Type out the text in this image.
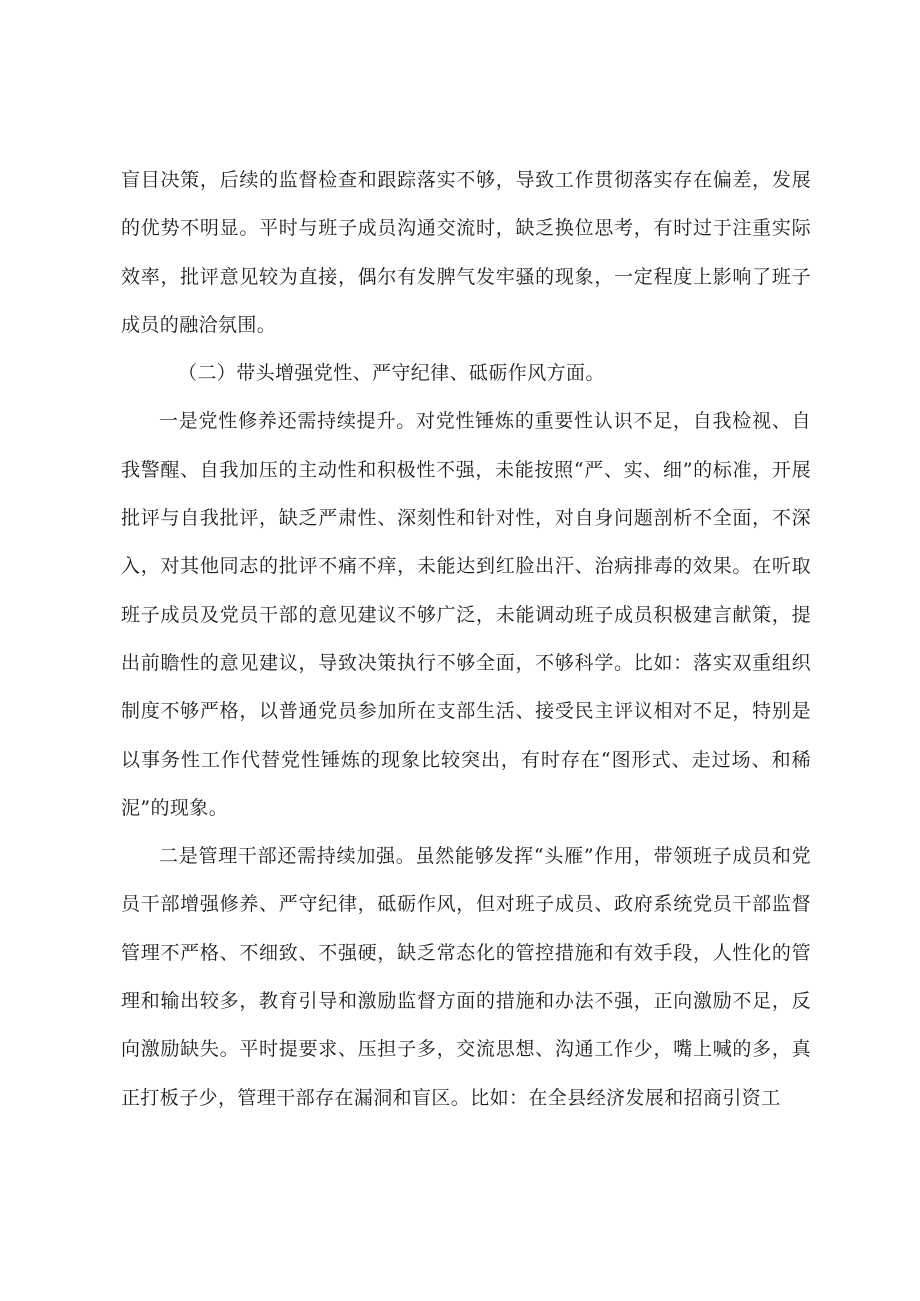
盲目决策，后续的监督检查和跟踪落实不够，导致工作贯彻落实存在偏差，发展的优势不明显。平时与班子成员沟通交流时，缺乏换位思考，有时过于注重实际效率，批评意见较为直接，偶尔有发脾气发牢骚的现象，一定程度上影响了班子成员的融洽氛围。

（二）带头增强党性、严守纪律、砥砺作风方面。

一是党性修养还需持续提升。对党性锤炼的重要性认识不足，自我检视、自我警醒、自我加压的主动性和积极性不强，未能按照“严、实、细”的标准，开展批评与自我批评，缺乏严肃性、深刻性和针对性，对自身问题剖析不全面，不深入，对其他同志的批评不痛不痒，未能达到红脸出汗、治病排毒的效果。在听取班子成员及党员干部的意见建议不够广泛，未能调动班子成员积极建言献策，提出前瞻性的意见建议，导致决策执行不够全面，不够科学。比如：落实双重组织制度不够严格，以普通党员参加所在支部生活、接受民主评议相对不足，特别是以事务性工作代替党性锤炼的现象比较突出，有时存在“图形式、走过场、和稀泥”的现象。

二是管理干部还需持续加强。虽然能够发挥“头雁”作用，带领班子成员和党员干部增强修养、严守纪律，砥砺作风，但对班子成员、政府系统党员干部监督管理不严格、不细致、不强硬，缺乏常态化的管控措施和有效手段，人性化的管理和输出较多，教育引导和激励监督方面的措施和办法不强，正向激励不足，反向激励缺失。平时提要求、压担子多，交流思想、沟通工作少，嘴上喊的多，真正打板子少，管理干部存在漏洞和盲区。比如：在全县经济发展和招商引资工
